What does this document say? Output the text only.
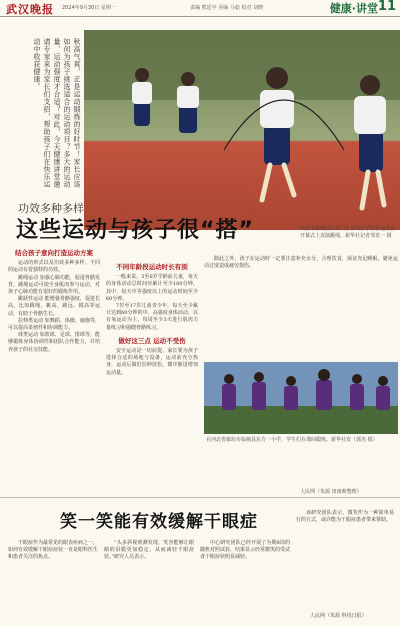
武汉晚报 2024年9月30日 星期一	责编 熊廷中 美编 马茹 校对 刘晓	健康·讲堂 11
秋高气爽，正是运动锻炼的好时节！家长应该如何为孩子挑选适合的运动项目？多大的运动量、运动强度才合适？对此，今天健康讲堂邀请专家来为家长们支招，帮助孩子们在快乐运动中收获健康。
功效多种多样
这些运动与孩子很“搭”	西安市新城区后宰门小学的小学生在运动会开幕式上表演跳绳。新华社记者邹竞一 摄
结合孩子意向打造运动方案

运动的形式以及功效多种多样。不同的运动有着独特的功效。

跳绳运动 加强心肺功能，促进骨骼发育。跳绳运动可使全身肌肉参与运动，对孩子心肺功能有很好的锻炼作用。

跳跃性运动 能增强骨骼强度，促进长高，比如跳绳、跳高、跳远、摸高等运动，有助于骨骼生长。

拉伸类运动 如舞蹈、体操、瑜伽等，可以提高柔韧性和协调能力。

球类运动 如篮球、足球、排球等，能够锻炼身体协调性和团队合作能力，并培养孩子的社交技能。

不同年龄段运动时长有别

一般来说，3至6岁学龄前儿童，每天的身体活动总时间应累计至少180分钟，其中，每天中等强度以上的运动时间至少60分钟。

7岁至17岁儿童青少年，每天至少累计达到60分钟的中、高强度身体活动，以有氧运动为主，每周至少3天进行肌肉力量练习和强健骨骼练习。

做好这三点 运动不受伤

安全运动是一切前提，家长要为孩子选择合适的场地与设备，运动前充分热身，运动后做好拉伸放松，循序渐进增加运动量。

除此之外，孩子在运动时一定要注意补充水分，合理饮食，保证充足睡眠，避免运动过度造成疲劳损伤。

在河北省廊坊市临城县东方一小学，学生们在课间锻炼。新华社发（郭杰 摄）
人民网（朱源 田雨莉整理）
笑一笑能有效缓解干眼症

干眼症作为最常见的眼表疾病之一，如何有效缓解干眼症症状一直是眼科医生和患者关注的焦点。

“头多斜视观测发现，笑容能够让眼睛的泪膜更加稳定，从而减轻干眼症状。”研究人员表示。

中心研究团队已经开展了为期8周的随机对照试验，结果显示经常微笑的受试者干眼症状明显减轻。

该研究团队表示，微笑作为一种简单易行的方式，或许能为干眼症患者带来帮助。

人民网（朱源 科技日报）
